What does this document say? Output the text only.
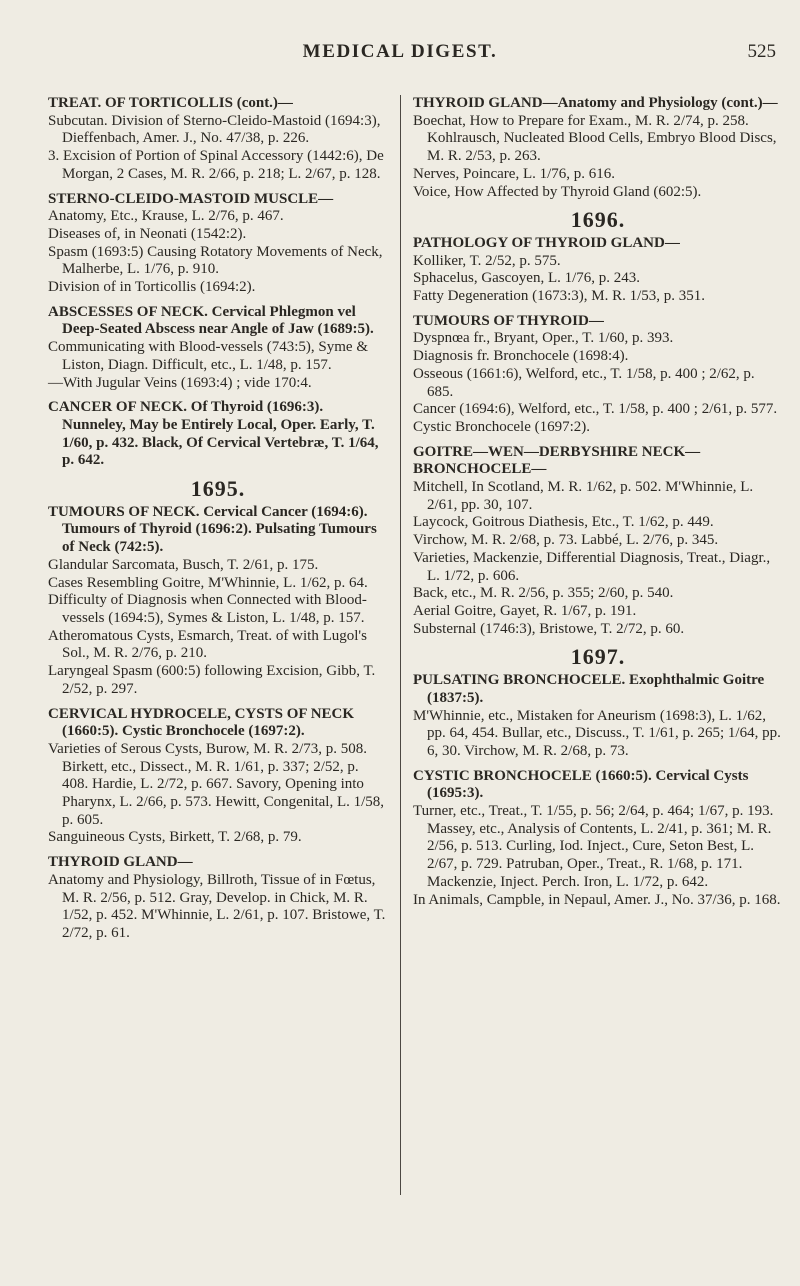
MEDICAL DIGEST.	525

TREAT. OF TORTICOLLIS (cont.)—

Subcutan. Division of Sterno-Cleido-Mastoid (1694:3), Dieffenbach, Amer. J., No. 47/38, p. 226.

3. Excision of Portion of Spinal Accessory (1442:6), De Morgan, 2 Cases, M. R. 2/66, p. 218; L. 2/67, p. 128.

STERNO-CLEIDO-MASTOID MUSCLE—

Anatomy, Etc., Krause, L. 2/76, p. 467.

Diseases of, in Neonati (1542:2).

Spasm (1693:5) Causing Rotatory Movements of Neck, Malherbe, L. 1/76, p. 910.

Division of in Torticollis (1694:2).

ABSCESSES OF NECK. Cervical Phlegmon vel Deep-Seated Abscess near Angle of Jaw (1689:5).

Communicating with Blood-vessels (743:5), Syme & Liston, Diagn. Difficult, etc., L. 1/48, p. 157.

—With Jugular Veins (1693:4) ; vide 170:4.

CANCER OF NECK. Of Thyroid (1696:3). Nunneley, May be Entirely Local, Oper. Early, T. 1/60, p. 432. Black, Of Cervical Vertebræ, T. 1/64, p. 642.

1695.

TUMOURS OF NECK. Cervical Cancer (1694:6). Tumours of Thyroid (1696:2). Pulsating Tumours of Neck (742:5).

Glandular Sarcomata, Busch, T. 2/61, p. 175.

Cases Resembling Goitre, M'Whinnie, L. 1/62, p. 64.

Difficulty of Diagnosis when Connected with Blood-vessels (1694:5), Symes & Liston, L. 1/48, p. 157.

Atheromatous Cysts, Esmarch, Treat. of with Lugol's Sol., M. R. 2/76, p. 210.

Laryngeal Spasm (600:5) following Excision, Gibb, T. 2/52, p. 297.

CERVICAL HYDROCELE, CYSTS OF NECK (1660:5). Cystic Bronchocele (1697:2).

Varieties of Serous Cysts, Burow, M. R. 2/73, p. 508. Birkett, etc., Dissect., M. R. 1/61, p. 337; 2/52, p. 408. Hardie, L. 2/72, p. 667. Savory, Opening into Pharynx, L. 2/66, p. 573. Hewitt, Congenital, L. 1/58, p. 605.

Sanguineous Cysts, Birkett, T. 2/68, p. 79.

THYROID GLAND—

Anatomy and Physiology, Billroth, Tissue of in Fœtus, M. R. 2/56, p. 512. Gray, Develop. in Chick, M. R. 1/52, p. 452. M'Whinnie, L. 2/61, p. 107. Bristowe, T. 2/72, p. 61.

THYROID GLAND—Anatomy and Physiology (cont.)—

Boechat, How to Prepare for Exam., M. R. 2/74, p. 258. Kohlrausch, Nucleated Blood Cells, Embryo Blood Discs, M. R. 2/53, p. 263.

Nerves, Poincare, L. 1/76, p. 616.

Voice, How Affected by Thyroid Gland (602:5).

1696.

PATHOLOGY OF THYROID GLAND—

Kolliker, T. 2/52, p. 575.

Sphacelus, Gascoyen, L. 1/76, p. 243.

Fatty Degeneration (1673:3), M. R. 1/53, p. 351.

TUMOURS OF THYROID—

Dyspnœa fr., Bryant, Oper., T. 1/60, p. 393.

Diagnosis fr. Bronchocele (1698:4).

Osseous (1661:6), Welford, etc., T. 1/58, p. 400 ; 2/62, p. 685.

Cancer (1694:6), Welford, etc., T. 1/58, p. 400 ; 2/61, p. 577.

Cystic Bronchocele (1697:2).

GOITRE—WEN—DERBYSHIRE NECK—BRONCHOCELE—

Mitchell, In Scotland, M. R. 1/62, p. 502. M'Whinnie, L. 2/61, pp. 30, 107.

Laycock, Goitrous Diathesis, Etc., T. 1/62, p. 449.

Virchow, M. R. 2/68, p. 73. Labbé, L. 2/76, p. 345.

Varieties, Mackenzie, Differential Diagnosis, Treat., Diagr., L. 1/72, p. 606.

Back, etc., M. R. 2/56, p. 355; 2/60, p. 540.

Aerial Goitre, Gayet, R. 1/67, p. 191.

Substernal (1746:3), Bristowe, T. 2/72, p. 60.

1697.

PULSATING BRONCHOCELE. Exophthalmic Goitre (1837:5).

M'Whinnie, etc., Mistaken for Aneurism (1698:3), L. 1/62, pp. 64, 454. Bullar, etc., Discuss., T. 1/61, p. 265; 1/64, pp. 6, 30. Virchow, M. R. 2/68, p. 73.

CYSTIC BRONCHOCELE (1660:5). Cervical Cysts (1695:3).

Turner, etc., Treat., T. 1/55, p. 56; 2/64, p. 464; 1/67, p. 193. Massey, etc., Analysis of Contents, L. 2/41, p. 361; M. R. 2/56, p. 513. Curling, Iod. Inject., Cure, Seton Best, L. 2/67, p. 729. Patruban, Oper., Treat., R. 1/68, p. 171. Mackenzie, Inject. Perch. Iron, L. 1/72, p. 642.

In Animals, Campble, in Nepaul, Amer. J., No. 37/36, p. 168.
